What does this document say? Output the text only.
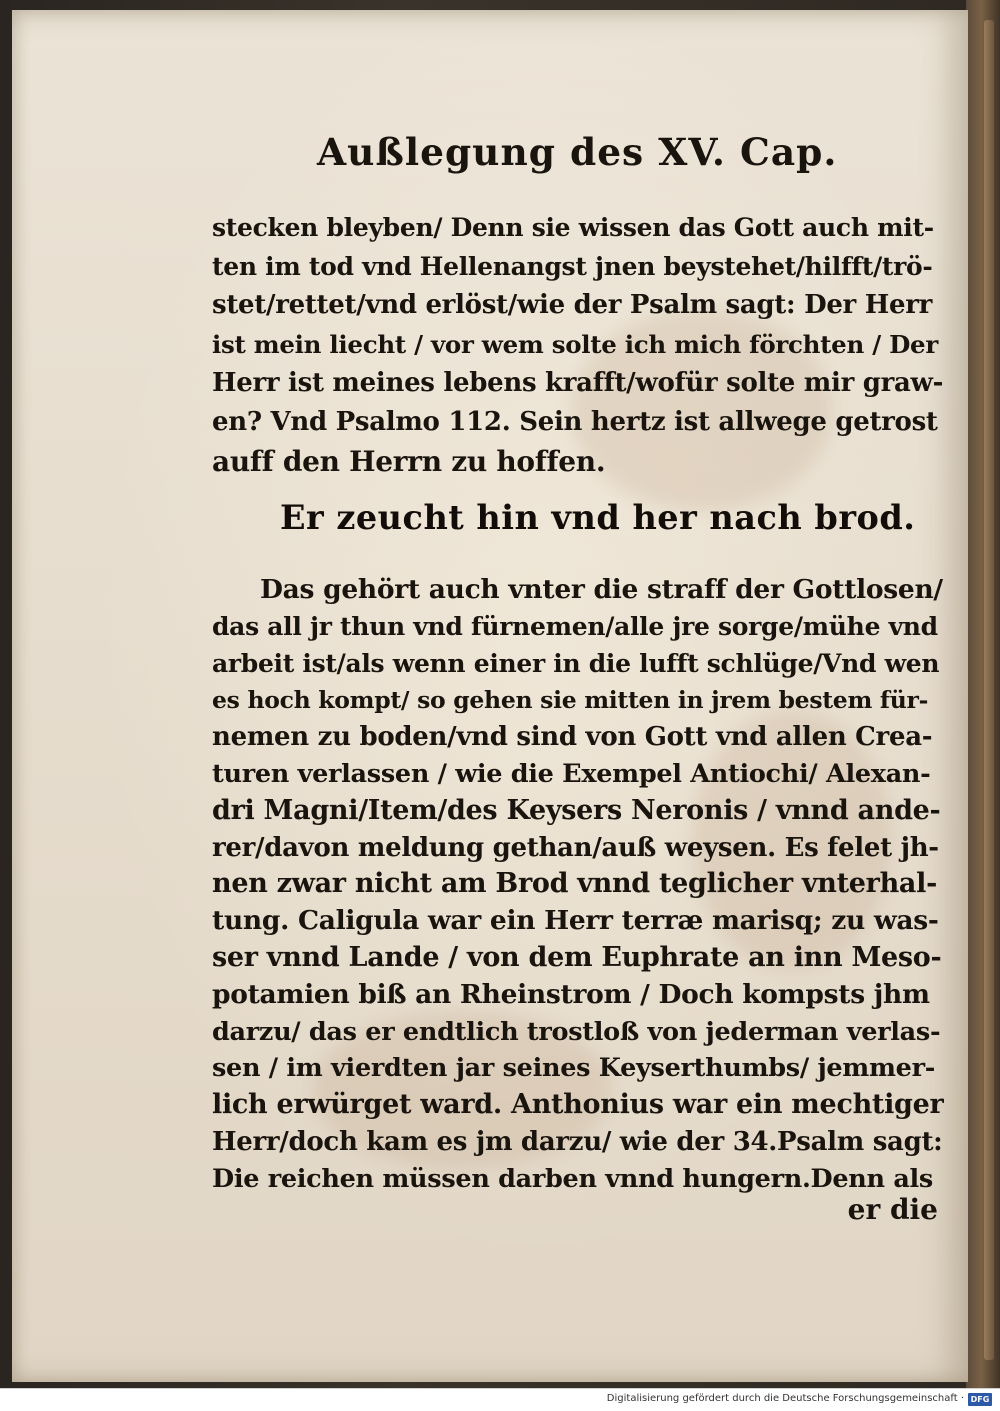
Außlegung des XV. Cap.
stecken bleyben/ Denn sie wissen das Gott auch mit-
ten im tod vnd Hellenangst jnen beystehet/hilfft/trö-
stet/rettet/vnd erlöst/wie der Psalm sagt: Der Herr
ist mein liecht / vor wem solte ich mich förchten / Der
Herr ist meines lebens krafft/wofür solte mir graw-
en? Vnd Psalmo 112. Sein hertz ist allwege getrost
auff den Herrn zu hoffen.
Er zeucht hin vnd her nach brod.
Das gehört auch vnter die straff der Gottlosen/
das all jr thun vnd fürnemen/alle jre sorge/mühe vnd
arbeit ist/als wenn einer in die lufft schlüge/Vnd wen
es hoch kompt/ so gehen sie mitten in jrem bestem für-
nemen zu boden/vnd sind von Gott vnd allen Crea-
turen verlassen / wie die Exempel Antiochi/ Alexan-
dri Magni/Item/des Keysers Neronis / vnnd ande-
rer/davon meldung gethan/auß weysen. Es felet jh-
nen zwar nicht am Brod vnnd teglicher vnterhal-
tung. Caligula war ein Herr terræ marisq; zu was-
ser vnnd Lande / von dem Euphrate an inn Meso-
potamien biß an Rheinstrom / Doch kompsts jhm
darzu/ das er endtlich trostloß von jederman verlas-
sen / im vierdten jar seines Keyserthumbs/ jemmer-
lich erwürget ward. Anthonius war ein mechtiger
Herr/doch kam es jm darzu/ wie der 34.Psalm sagt:
Die reichen müssen darben vnnd hungern.Denn als
er die
Digitalisierung gefördert durch die Deutsche Forschungsgemeinschaft · DFG
